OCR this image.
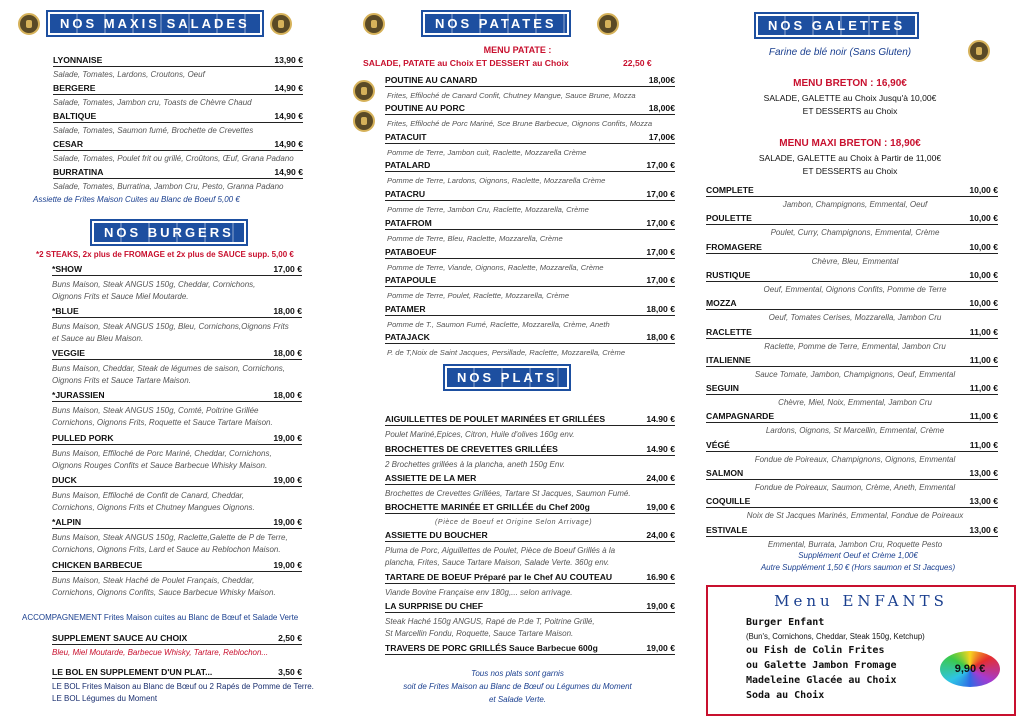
NOS MAXIS SALADES
LYONNAISE	13,90 €
Salade, Tomates, Lardons, Croutons, Oeuf
BERGERE	14,90 €
Salade, Tomates, Jambon cru, Toasts de Chèvre Chaud
BALTIQUE	14,90 €
Salade, Tomates, Saumon fumé, Brochette de Crevettes
CESAR	14,90 €
Salade, Tomates, Poulet frit ou grillé, Croûtons, Œuf, Grana Padano
BURRATINA	14,90 €
Salade, Tomates, Burratina, Jambon Cru, Pesto, Granna Padano
Assiette de Frites Maison Cuites au Blanc de Boeuf 5,00 €
NOS BURGERS
*2 STEAKS, 2x plus de FROMAGE et 2x plus de SAUCE supp. 5,00 €
*SHOW	17,00 €
Buns Maison, Steak ANGUS 150g, Cheddar, Cornichons,
Oignons Frits et Sauce Miel Moutarde.
*BLUE	18,00 €
Buns Maison, Steak ANGUS 150g, Bleu, Cornichons,Oignons Frits
et Sauce au Bleu Maison.
VEGGIE	18,00 €
Buns Maison, Cheddar, Steak de légumes de saison, Cornichons,
Oignons Frits et Sauce Tartare Maison.
*JURASSIEN	18,00 €
Buns Maison, Steak ANGUS 150g, Comté, Poitrine Grillée
Cornichons, Oignons Frits, Roquette et Sauce Tartare Maison.
PULLED PORK	19,00 €
Buns Maison, Effiloché de Porc Mariné, Cheddar, Cornichons,
Oignons Rouges Confits et Sauce Barbecue Whisky Maison.
DUCK	19,00 €
Buns Maison, Effiloché de Confit de Canard, Cheddar,
Cornichons, Oignons Frits et Chutney Mangues Oignons.
*ALPIN	19,00 €
Buns Maison, Steak ANGUS 150g, Raclette,Galette de P de Terre,
Cornichons, Oignons Frits, Lard et Sauce au Reblochon Maison.
CHICKEN BARBECUE	19,00 €
Buns Maison, Steak Haché de Poulet Français, Cheddar,
Cornichons, Oignons Confits, Sauce Barbecue Whisky Maison.
ACCOMPAGNEMENT Frites Maison cuites au Blanc de Bœuf et Salade Verte
SUPPLEMENT SAUCE AU CHOIX	2,50 €
Bleu, Miel Moutarde, Barbecue Whisky, Tartare, Reblochon...
LE BOL EN SUPPLEMENT D'UN PLAT...	3,50 €
LE BOL Frites Maison au Blanc de Bœuf ou 2 Rapés de Pomme de Terre.
LE BOL Légumes du Moment
NOS PATATES
MENU PATATE :
SALADE, PATATE au Choix ET DESSERT au Choix	22,50 €
POUTINE AU CANARD	18,00€
Frites, Effiloché de Canard Confit, Chutney Mangue, Sauce Brune, Mozza
POUTINE AU PORC	18,00€
Frites, Effiloché de Porc Mariné, Sce Brune Barbecue, Oignons Confits, Mozza
PATACUIT	17,00€
Pomme de Terre, Jambon cuit, Raclette, Mozzarella Crème
PATALARD	17,00 €
Pomme de Terre, Lardons, Oignons, Raclette, Mozzarella Crème
PATACRU	17,00 €
Pomme de Terre, Jambon Cru, Raclette, Mozzarella, Crème
PATAFROM	17,00 €
Pomme de Terre, Bleu, Raclette, Mozzarella, Crème
PATABOEUF	17,00 €
Pomme de Terre, Viande, Oignons, Raclette, Mozzarella, Crème
PATAPOULE	17,00 €
Pomme de Terre, Poulet, Raclette, Mozzarella, Crème
PATAMER	18,00 €
Pomme de T., Saumon Fumé, Raclette, Mozzarella, Crème, Aneth
PATAJACK	18,00 €
P. de T,Noix de Saint Jacques, Persillade, Raclette, Mozzarella, Crème
NOS PLATS
AIGUILLETTES DE POULET MARINÉES ET GRILLÉES	14.90 €
Poulet Mariné,Epices, Citron, Huile d'olives 160g env.
BROCHETTES DE CREVETTES GRILLÉES	14.90 €
2 Brochettes grillées à la plancha, aneth 150g Env.
ASSIETTE DE LA MER	24,00 €
Brochettes de Crevettes Grillées, Tartare St Jacques, Saumon Fumé.
BROCHETTE MARINÉE ET GRILLÉE du Chef 200g	19,00 €
(Pièce de Boeuf et Origine Selon Arrivage)
ASSIETTE DU BOUCHER	24,00 €
Pluma de Porc, Aiguillettes de Poulet, Pièce de Boeuf Grillés à la
plancha, Frites, Sauce Tartare Maison, Salade Verte. 360g env.
TARTARE DE BOEUF Préparé par le Chef AU COUTEAU	16.90 €
Viande Bovine Française env 180g,... selon arrivage.
LA SURPRISE DU CHEF	19,00 €
Steak Haché 150g ANGUS, Rapé de P.de T, Poitrine Grillé,
St Marcellin Fondu, Roquette, Sauce Tartare Maison.
TRAVERS DE PORC GRILLÉS Sauce Barbecue 600g	19,00 €
Tous nos plats sont garnis
soit de Frites Maison au Blanc de Bœuf ou Légumes du Moment
et Salade Verte.
NOS GALETTES
Farine de blé noir (Sans Gluten)
MENU BRETON : 16,90€
SALADE, GALETTE au Choix Jusqu'à 10,00€
ET DESSERTS au Choix
MENU MAXI BRETON : 18,90€
SALADE, GALETTE au Choix à Partir de 11,00€
ET DESSERTS au Choix
COMPLETE	10,00 €
Jambon, Champignons, Emmental, Oeuf
POULETTE	10,00 €
Poulet, Curry, Champignons, Emmental, Crème
FROMAGERE	10,00 €
Chèvre, Bleu, Emmental
RUSTIQUE	10,00 €
Oeuf, Emmental, Oignons Confits, Pomme de Terre
MOZZA	10,00 €
Oeuf, Tomates Cerises, Mozzarella, Jambon Cru
RACLETTE	11,00 €
Raclette, Pomme de Terre, Emmental, Jambon Cru
ITALIENNE	11,00 €
Sauce Tomate, Jambon, Champignons, Oeuf, Emmental
SEGUIN	11,00 €
Chèvre, Miel, Noix, Emmental, Jambon Cru
CAMPAGNARDE	11,00 €
Lardons, Oignons, St Marcellin, Emmental, Crème
VÉGÉ	11,00 €
Fondue de Poireaux, Champignons, Oignons, Emmental
SALMON	13,00 €
Fondue de Poireaux, Saumon, Crème, Aneth, Emmental
COQUILLE	13,00 €
Noix de St Jacques Marinés, Emmental, Fondue de Poireaux
ESTIVALE	13,00 €
Emmental, Burrata, Jambon Cru, Roquette Pesto
Supplément Oeuf et Crème 1,00€
Autre Supplément 1,50 € (Hors saumon et St Jacques)
Menu ENFANTS
Burger Enfant
(Bun's, Cornichons, Cheddar, Steak 150g, Ketchup)
ou Fish de Colin Frites
ou Galette Jambon Fromage
Madeleine Glacée au Choix
Soda au Choix
9,90 €
